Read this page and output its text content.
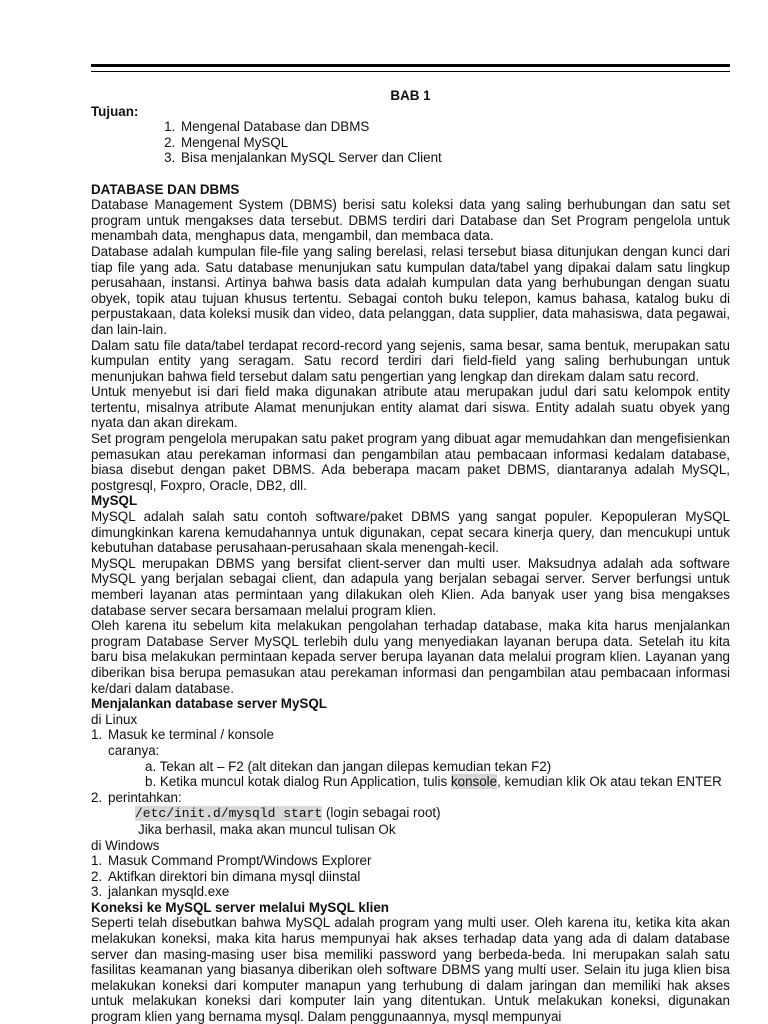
BAB 1

Tujuan:

1. Mengenal Database dan DBMS
2. Mengenal MySQL
3. Bisa menjalankan MySQL Server dan Client

DATABASE DAN DBMS

Database Management System (DBMS) berisi satu koleksi data yang saling berhubungan dan satu set program untuk mengakses data tersebut. DBMS terdiri dari Database dan Set Program pengelola untuk menambah data, menghapus data, mengambil, dan membaca data.

Database adalah kumpulan file-file yang saling berelasi, relasi tersebut biasa ditunjukan dengan kunci dari tiap file yang ada. Satu database menunjukan satu kumpulan data/tabel yang dipakai dalam satu lingkup perusahaan, instansi. Artinya bahwa basis data adalah kumpulan data yang berhubungan dengan suatu obyek, topik atau tujuan khusus tertentu. Sebagai contoh buku telepon, kamus bahasa, katalog buku di perpustakaan, data koleksi musik dan video, data pelanggan, data supplier, data mahasiswa, data pegawai, dan lain-lain.

Dalam satu file data/tabel terdapat record-record yang sejenis, sama besar, sama bentuk, merupakan satu kumpulan entity yang seragam. Satu record terdiri dari field-field yang saling berhubungan untuk menunjukan bahwa field tersebut dalam satu pengertian yang lengkap dan direkam dalam satu record.

Untuk menyebut isi dari field maka digunakan atribute atau merupakan judul dari satu kelompok entity tertentu, misalnya atribute Alamat menunjukan entity alamat dari siswa. Entity adalah suatu obyek yang nyata dan akan direkam.

Set program pengelola merupakan satu paket program yang dibuat agar memudahkan dan mengefisienkan pemasukan atau perekaman informasi dan pengambilan atau pembacaan informasi kedalam database, biasa disebut dengan paket DBMS. Ada beberapa macam paket DBMS, diantaranya adalah MySQL, postgresql, Foxpro, Oracle, DB2, dll.

MySQL

MySQL adalah salah satu contoh software/paket DBMS yang sangat populer. Kepopuleran MySQL dimungkinkan karena kemudahannya untuk digunakan, cepat secara kinerja query, dan mencukupi untuk kebutuhan database perusahaan-perusahaan skala menengah-kecil.

MySQL merupakan DBMS yang bersifat client-server dan multi user. Maksudnya adalah ada software MySQL yang berjalan sebagai client, dan adapula yang berjalan sebagai server. Server berfungsi untuk memberi layanan atas permintaan yang dilakukan oleh Klien. Ada banyak user yang bisa mengakses database server secara bersamaan melalui program klien.

Oleh karena itu sebelum kita melakukan pengolahan terhadap database, maka kita harus menjalankan program Database Server MySQL terlebih dulu yang menyediakan layanan berupa data. Setelah itu kita baru bisa melakukan permintaan kepada server berupa layanan data melalui program klien. Layanan yang diberikan bisa berupa pemasukan atau perekaman informasi dan pengambilan atau pembacaan informasi ke/dari dalam database.

Menjalankan database server MySQL

di Linux

1. Masuk ke terminal / konsole

caranya:

a. Tekan alt – F2 (alt ditekan dan jangan dilepas kemudian tekan F2)

b. Ketika muncul kotak dialog Run Application, tulis konsole, kemudian klik Ok atau tekan ENTER

2. perintahkan:

/etc/init.d/mysqld start (login sebagai root)

Jika berhasil, maka akan muncul tulisan Ok

di Windows

1. Masuk Command Prompt/Windows Explorer
2. Aktifkan direktori bin dimana mysql diinstal
3. jalankan mysqld.exe

Koneksi ke MySQL server melalui MySQL klien

Seperti telah disebutkan bahwa MySQL adalah program yang multi user. Oleh karena itu, ketika kita akan melakukan koneksi, maka kita harus mempunyai hak akses terhadap data yang ada di dalam database server dan masing-masing user bisa memiliki password yang berbeda-beda. Ini merupakan salah satu fasilitas keamanan yang biasanya diberikan oleh software DBMS yang multi user. Selain itu juga klien bisa melakukan koneksi dari komputer manapun yang terhubung di dalam jaringan dan memiliki hak akses untuk melakukan koneksi dari komputer lain yang ditentukan. Untuk melakukan koneksi, digunakan program klien yang bernama mysql. Dalam penggunaannya, mysql mempunyai
